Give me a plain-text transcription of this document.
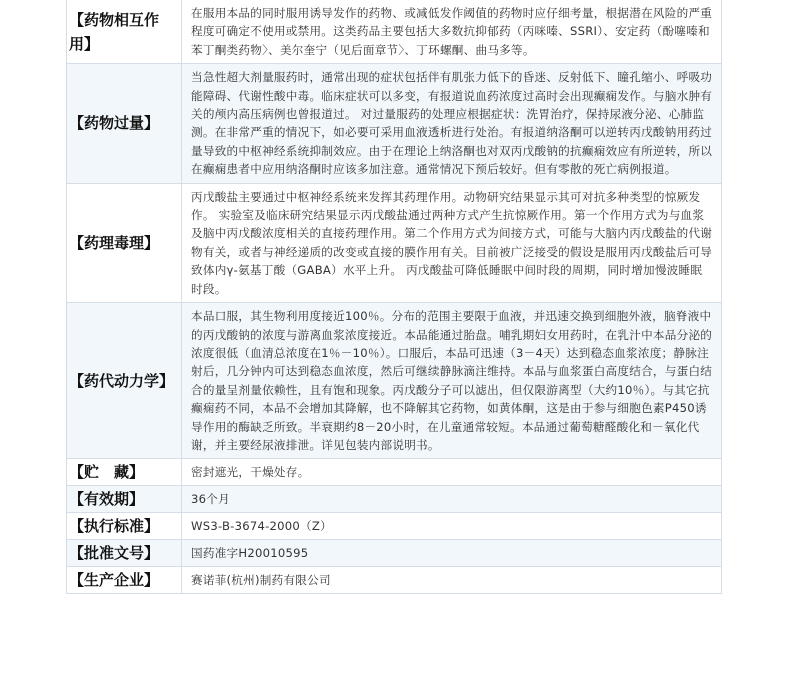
【药物相互作用】	在服用本品的同时服用诱导发作的药物、或减低发作阈值的药物时应仔细考量，根据潜在风险的严重程度可确定不使用或禁用。这类药品主要包括大多数抗抑郁药（丙咪嗪、SSRI）、安定药（酚噻嗪和苯丁酮类药物〉、美尔奎宁（见后面章节〉、丁环螺酮、曲马多等。
【药物过量】	当急性超大剂量服药时，通常出现的症状包括伴有肌张力低下的昏迷、反射低下、瞳孔缩小、呼吸功能障碍、代谢性酸中毒。临床症状可以多变，有报道说血药浓度过高时会出现癫痫发作。与脑水肿有关的颅内高压病例也曾报道过。 对过量服药的处理应根据症状：洗胃治疗，保持尿液分泌、心肺监测。在非常严重的情况下，如必要可采用血液透析进行处治。有报道纳洛酮可以逆转丙戊酸钠用药过量导致的中枢神经系统抑制效应。由于在理论上纳洛酮也对双丙戊酸钠的抗癫痫效应有所逆转，所以在癫痫患者中应用纳洛酮时应该多加注意。通常情况下预后较好。但有零散的死亡病例报道。
【药理毒理】	丙戊酸盐主要通过中枢神经系统来发挥其药理作用。动物研究结果显示其可对抗多种类型的惊厥发作。 实验室及临床研究结果显示丙戊酸盐通过两种方式产生抗惊厥作用。第一个作用方式为与血浆及脑中丙戊酸浓度相关的直接药理作用。第二个作用方式为间接方式，可能与大脑内丙戊酸盐的代谢物有关，或者与神经递质的改变或直接的膜作用有关。目前被广泛接受的假设是服用丙戊酸盐后可导致体内γ-氨基丁酸（GABA）水平上升。 丙戊酸盐可降低睡眠中间时段的周期，同时增加慢波睡眠时段。
【药代动力学】	本品口服，其生物利用度接近100％。分布的范围主要限于血液，并迅速交换到细胞外液，脑脊液中的丙戊酸钠的浓度与游离血浆浓度接近。本品能通过胎盘。哺乳期妇女用药时，在乳汁中本品分泌的浓度很低（血清总浓度在1％－10％）。口服后，本品可迅速（3－4天）达到稳态血浆浓度；静脉注射后，几分钟内可达到稳态血浓度，然后可继续静脉滴注维持。本品与血浆蛋白高度结合，与蛋白结合的量呈剂量依赖性，且有饱和现象。丙戊酸分子可以滤出，但仅限游离型（大约10％）。与其它抗癫痫药不同，本品不会增加其降解，也不降解其它药物，如黄体酮，这是由于参与细胞色素P450诱导作用的酶缺乏所致。半衰期约8－20小时，在儿童通常较短。本品通过葡萄糖醛酸化和－氧化代谢，并主要经尿液排泄。详见包装内部说明书。
【贮　藏】	密封遮光，干燥处存。
【有效期】	36个月
【执行标准】	WS3-B-3674-2000（Z）
【批准文号】	国药准字H20010595
【生产企业】	赛诺菲(杭州)制药有限公司
